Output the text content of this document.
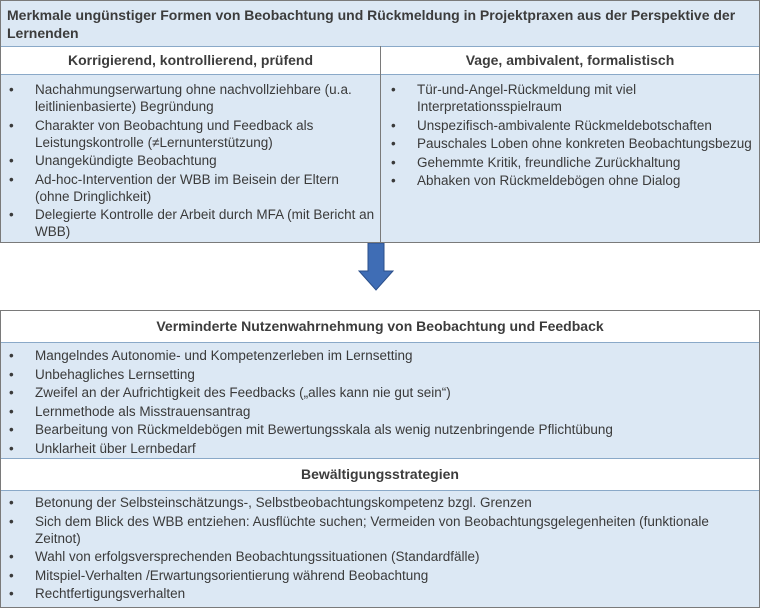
Merkmale ungünstiger Formen von Beobachtung und Rückmeldung in Projektpraxen aus der Perspektive der Lernenden
Korrigierend, kontrollierend, prüfend	Vage, ambivalent, formalistisch
• Nachahmungserwartung ohne nachvollziehbare (u.a. leitlinienbasierte) Begründung
• Charakter von Beobachtung und Feedback als Leistungskontrolle (≠Lernunterstützung)
• Unangekündigte Beobachtung
• Ad-hoc-Intervention der WBB im Beisein der Eltern (ohne Dringlichkeit)
• Delegierte Kontrolle der Arbeit durch MFA (mit Bericht an WBB)
• Tür-und-Angel-Rückmeldung mit viel Interpretationsspielraum
• Unspezifisch-ambivalente Rückmeldebotschaften
• Pauschales Loben ohne konkreten Beobachtungsbezug
• Gehemmte Kritik, freundliche Zurückhaltung
• Abhaken von Rückmeldebögen ohne Dialog
Verminderte Nutzenwahrnehmung von Beobachtung und Feedback
• Mangelndes Autonomie- und Kompetenzerleben im Lernsetting
• Unbehagliches Lernsetting
• Zweifel an der Aufrichtigkeit des Feedbacks („alles kann nie gut sein“)
• Lernmethode als Misstrauensantrag
• Bearbeitung von Rückmeldebögen mit Bewertungsskala als wenig nutzenbringende Pflichtübung
• Unklarheit über Lernbedarf
Bewältigungsstrategien
• Betonung der Selbsteinschätzungs-, Selbstbeobachtungskompetenz bzgl. Grenzen
• Sich dem Blick des WBB entziehen: Ausflüchte suchen; Vermeiden von Beobachtungsgelegenheiten (funktionale Zeitnot)
• Wahl von erfolgsversprechenden Beobachtungssituationen (Standardfälle)
• Mitspiel-Verhalten /Erwartungsorientierung während Beobachtung
• Rechtfertigungsverhalten
